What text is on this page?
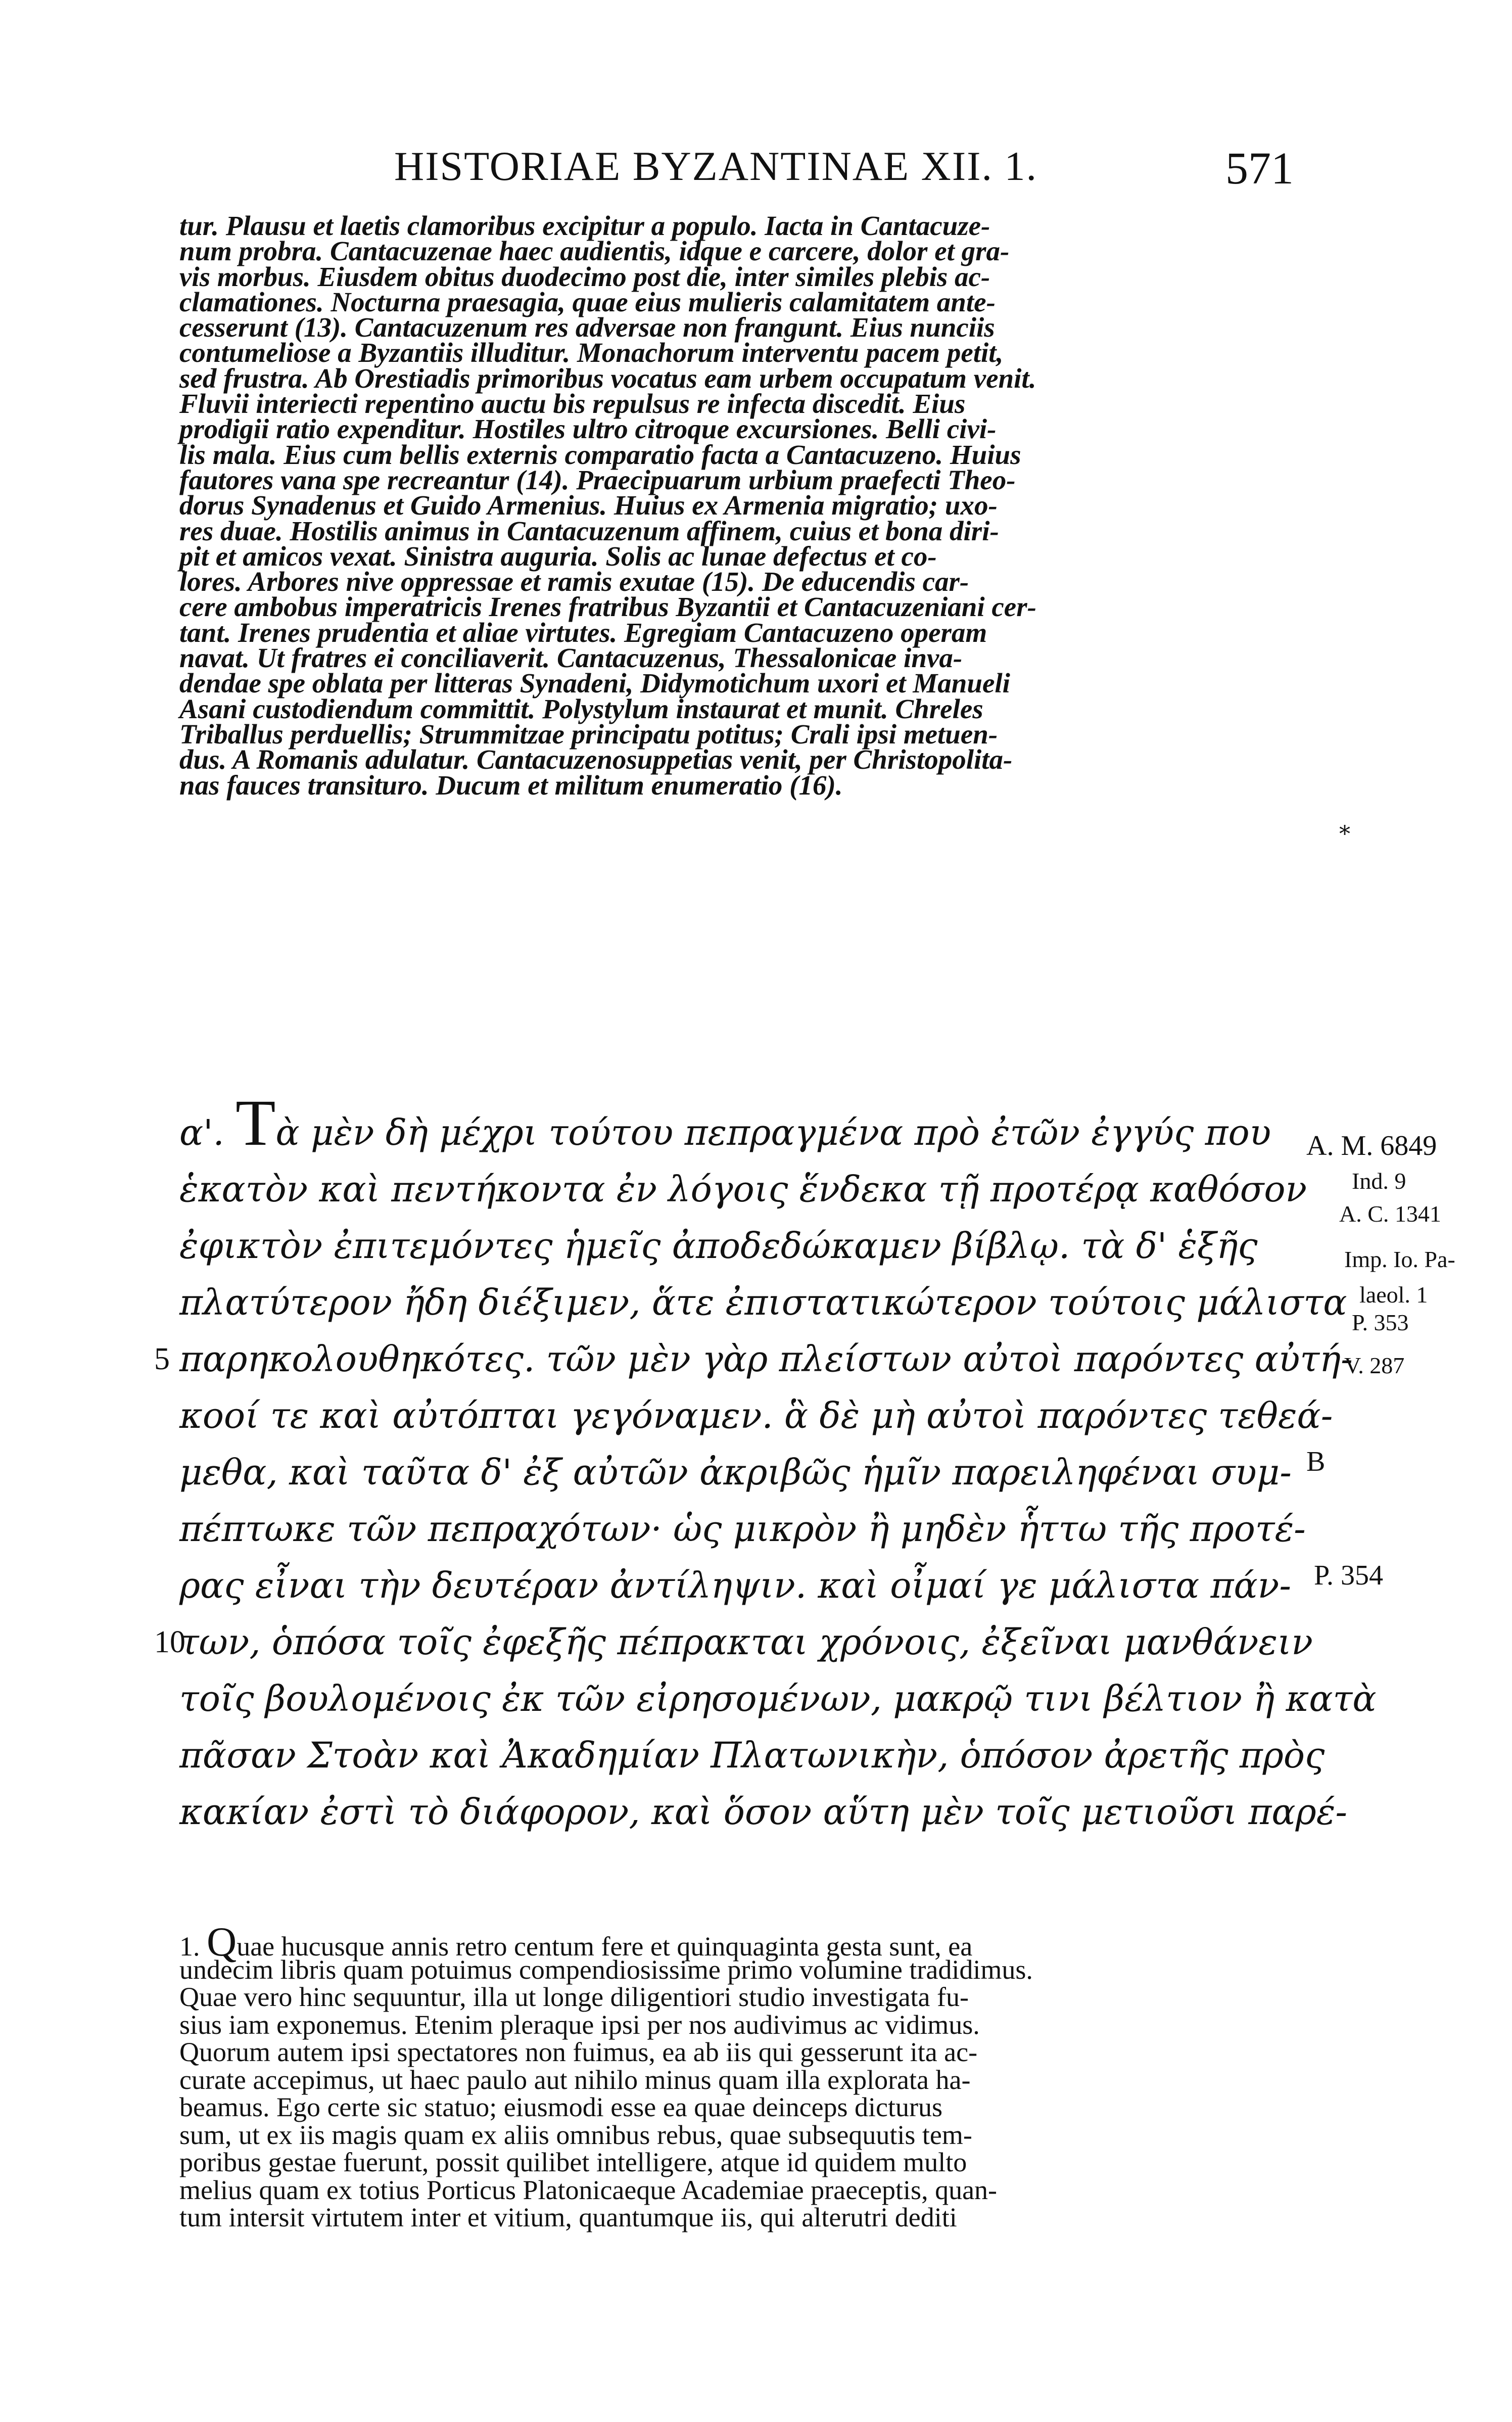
HISTORIAE BYZANTINAE XII. 1.	571
tur. Plausu et laetis clamoribus excipitur a populo. Iacta in Cantacuze-
num probra. Cantacuzenae haec audientis, idque e carcere, dolor et gra-
vis morbus. Eiusdem obitus duodecimo post die, inter similes plebis ac-
clamationes. Nocturna praesagia, quae eius mulieris calamitatem ante-
cesserunt (13). Cantacuzenum res adversae non frangunt. Eius nunciis
contumeliose a Byzantiis illuditur. Monachorum interventu pacem petit,
sed frustra. Ab Orestiadis primoribus vocatus eam urbem occupatum venit.
Fluvii interiecti repentino auctu bis repulsus re infecta discedit. Eius
prodigii ratio expenditur. Hostiles ultro citroque excursiones. Belli civi-
lis mala. Eius cum bellis externis comparatio facta a Cantacuzeno. Huius
fautores vana spe recreantur (14). Praecipuarum urbium praefecti Theo-
dorus Synadenus et Guido Armenius. Huius ex Armenia migratio; uxo-
res duae. Hostilis animus in Cantacuzenum affinem, cuius et bona diri-
pit et amicos vexat. Sinistra auguria. Solis ac lunae defectus et co-
lores. Arbores nive oppressae et ramis exutae (15). De educendis car-
cere ambobus imperatricis Irenes fratribus Byzantii et Cantacuzeniani cer-
tant. Irenes prudentia et aliae virtutes. Egregiam Cantacuzeno operam
navat. Ut fratres ei conciliaverit. Cantacuzenus, Thessalonicae inva-
dendae spe oblata per litteras Synadeni, Didymotichum uxori et Manueli
Asani custodiendum committit. Polystylum instaurat et munit. Chreles
Triballus perduellis; Strummitzae principatu potitus; Crali ipsi metuen-
dus. A Romanis adulatur. Cantacuzenosuppetias venit, per Christopolita-
nas fauces transituro. Ducum et militum enumeratio (16).
*
α'. Τὰ μὲν δὴ μέχρι τούτου πεπραγμένα πρὸ ἐτῶν ἐγγύς που
ἑκατὸν καὶ πεντήκοντα ἐν λόγοις ἕνδεκα τῇ προτέρᾳ καθόσον
ἐφικτὸν ἐπιτεμόντες ἡμεῖς ἀποδεδώκαμεν βίβλῳ. τὰ δ' ἑξῆς
πλατύτερον ἤδη διέξιμεν, ἅτε ἐπιστατικώτερον τούτοις μάλιστα
5 παρηκολουθηκότες. τῶν μὲν γὰρ πλείστων αὐτοὶ παρόντες αὐτή-
κοοί τε καὶ αὐτόπται γεγόναμεν. ἃ δὲ μὴ αὐτοὶ παρόντες τεθεά-
μεθα, καὶ ταῦτα δ' ἐξ αὐτῶν ἀκριβῶς ἡμῖν παρειληφέναι συμ-
πέπτωκε τῶν πεπραχότων· ὡς μικρὸν ἢ μηδὲν ἧττω τῆς προτέ-
ρας εἶναι τὴν δευτέραν ἀντίληψιν. καὶ οἶμαί γε μάλιστα πάν-
10
των, ὁπόσα τοῖς ἐφεξῆς πέπρακται χρόνοις, ἐξεῖναι μανθάνειν
τοῖς βουλομένοις ἐκ τῶν εἰρησομένων, μακρῷ τινι βέλτιον ἢ κατὰ
πᾶσαν Στοὰν καὶ Ἀκαδημίαν Πλατωνικὴν, ὁπόσον ἀρετῆς πρὸς
κακίαν ἐστὶ τὸ διάφορον, καὶ ὅσον αὕτη μὲν τοῖς μετιοῦσι παρέ-
A. M. 6849
Ind. 9
A. C. 1341
Imp. Io. Pa-
laeol. 1
P. 353
V. 287
B
P. 354
1. Quae hucusque annis retro centum fere et quinquaginta gesta sunt, ea
undecim libris quam potuimus compendiosissime primo volumine tradidimus.
Quae vero hinc sequuntur, illa ut longe diligentiori studio investigata fu-
sius iam exponemus. Etenim pleraque ipsi per nos audivimus ac vidimus.
Quorum autem ipsi spectatores non fuimus, ea ab iis qui gesserunt ita ac-
curate accepimus, ut haec paulo aut nihilo minus quam illa explorata ha-
beamus. Ego certe sic statuo; eiusmodi esse ea quae deinceps dicturus
sum, ut ex iis magis quam ex aliis omnibus rebus, quae subsequutis tem-
poribus gestae fuerunt, possit quilibet intelligere, atque id quidem multo
melius quam ex totius Porticus Platonicaeque Academiae praeceptis, quan-
tum intersit virtutem inter et vitium, quantumque iis, qui alterutri dediti
